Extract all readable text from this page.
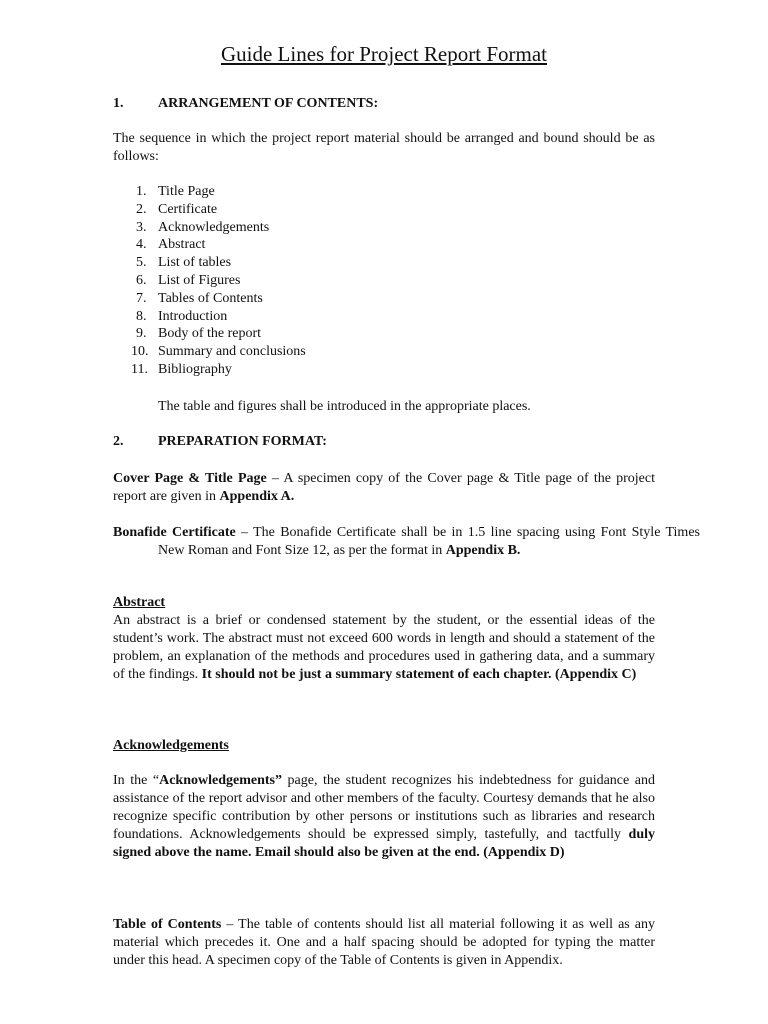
Guide Lines for Project Report Format
1. ARRANGEMENT OF CONTENTS:
The sequence in which the project report material should be arranged and bound should be as follows:
1. Title Page
2. Certificate
3. Acknowledgements
4. Abstract
5. List of tables
6. List of Figures
7. Tables of Contents
8. Introduction
9. Body of the report
10. Summary and conclusions
11. Bibliography
The table and figures shall be introduced in the appropriate places.
2. PREPARATION FORMAT:
Cover Page & Title Page – A specimen copy of the Cover page & Title page of the project report are given in Appendix A.
Bonafide Certificate – The Bonafide Certificate shall be in 1.5 line spacing using Font Style Times New Roman and Font Size 12, as per the format in Appendix B.
Abstract
An abstract is a brief or condensed statement by the student, or the essential ideas of the student’s work. The abstract must not exceed 600 words in length and should a statement of the problem, an explanation of the methods and procedures used in gathering data, and a summary of the findings. It should not be just a summary statement of each chapter. (Appendix C)
Acknowledgements
In the “Acknowledgements” page, the student recognizes his indebtedness for guidance and assistance of the report advisor and other members of the faculty. Courtesy demands that he also recognize specific contribution by other persons or institutions such as libraries and research foundations. Acknowledgements should be expressed simply, tastefully, and tactfully duly signed above the name. Email should also be given at the end. (Appendix D)
Table of Contents – The table of contents should list all material following it as well as any material which precedes it. One and a half spacing should be adopted for typing the matter under this head. A specimen copy of the Table of Contents is given in Appendix.
